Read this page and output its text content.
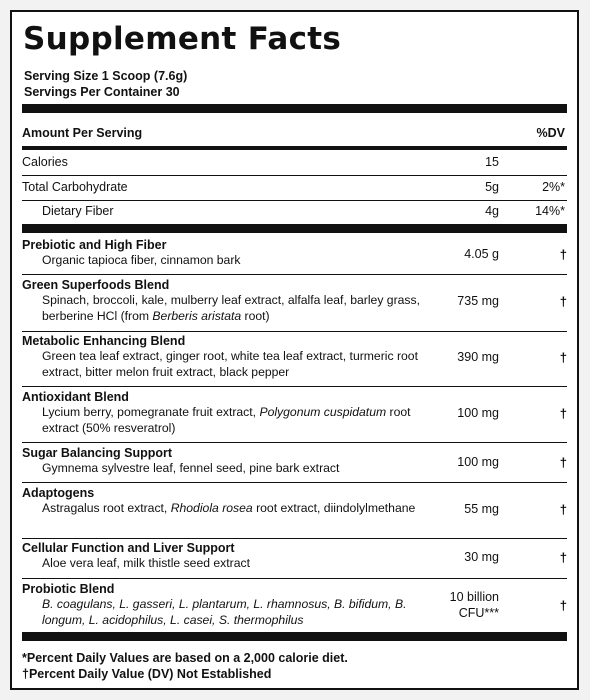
Supplement Facts
Serving Size 1 Scoop (7.6g)
Servings Per Container 30
Amount Per Serving	%DV
Calories	15
Total Carbohydrate	5g	2%*
Dietary Fiber	4g	14%*
Prebiotic and High Fiber
Organic tapioca fiber, cinnamon bark	4.05 g	†
Green Superfoods Blend
Spinach, broccoli, kale, mulberry leaf extract, alfalfa leaf, barley grass, berberine HCl (from Berberis aristata root)
735 mg	†
Metabolic Enhancing Blend
Green tea leaf extract, ginger root, white tea leaf extract, turmeric root extract, bitter melon fruit extract, black pepper
390 mg	†
Antioxidant Blend
Lycium berry, pomegranate fruit extract, Polygonum cuspidatum root extract (50% resveratrol)
100 mg	†
Sugar Balancing Support
Gymnema sylvestre leaf, fennel seed, pine bark extract	100 mg	†
Adaptogens
Astragalus root extract, Rhodiola rosea root extract, diindolylmethane	55 mg	†
Cellular Function and Liver Support
Aloe vera leaf, milk thistle seed extract	30 mg	†
Probiotic Blend
B. coagulans, L. gasseri, L. plantarum, L. rhamnosus, B. bifidum, B. longum, L. acidophilus, L. casei, S. thermophilus
10 billion
CFU***	†
*Percent Daily Values are based on a 2,000 calorie diet.
†Percent Daily Value (DV) Not Established
